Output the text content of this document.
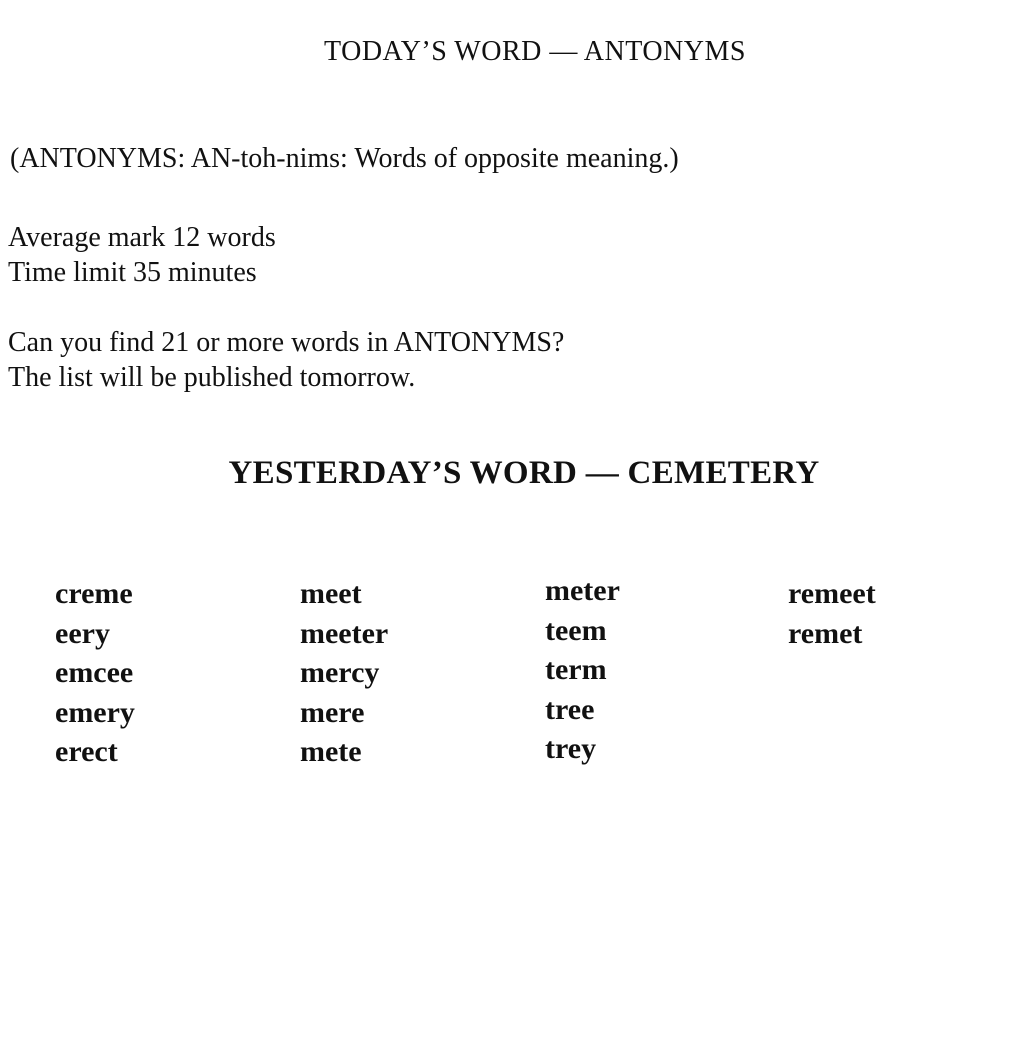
TODAY’S WORD — ANTONYMS
(ANTONYMS: AN-toh-nims: Words of opposite meaning.)
Average mark 12 words
Time limit 35 minutes
Can you find 21 or more words in ANTONYMS?
The list will be published tomorrow.
YESTERDAY’S WORD — CEMETERY
creme
eery
emcee
emery
erect
meet
meeter
mercy
mere
mete
meter
teem
term
tree
trey
remeet
remet
